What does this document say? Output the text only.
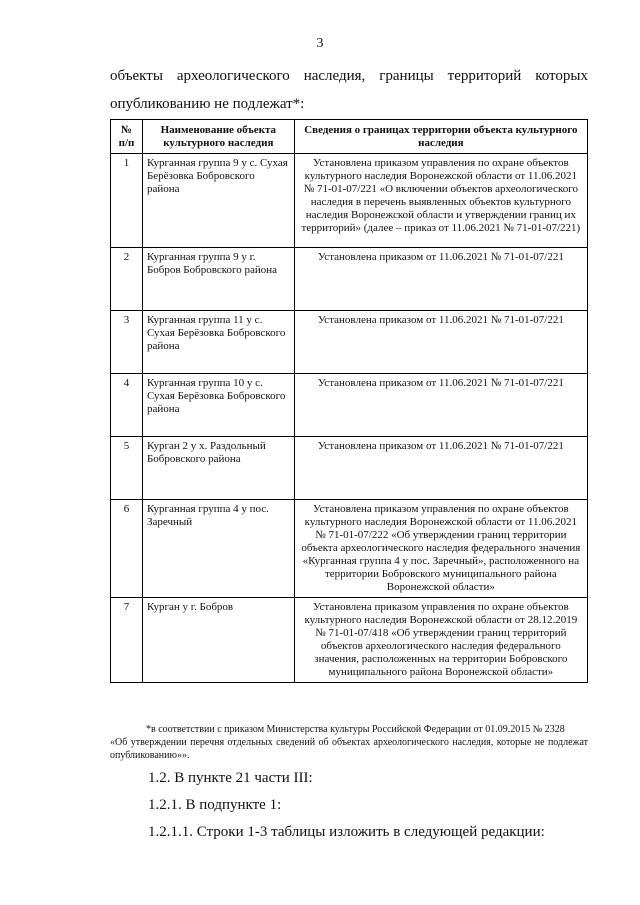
3
объекты археологического наследия, границы территорий которых
опубликованию не подлежат*:
№ п/п	Наименование объекта культурного наследия	Сведения о границах территории объекта культурного наследия
1	Курганная группа 9 у с. Сухая Берёзовка Бобровского района	Установлена приказом управления по охране объектов культурного наследия Воронежской области от 11.06.2021 № 71-01-07/221 «О включении объектов археологического наследия в перечень выявленных объектов культурного наследия Воронежской области и утверждении границ их территорий» (далее – приказ от 11.06.2021 № 71-01-07/221)
2	Курганная группа 9 у г. Бобров Бобровского района	Установлена приказом от 11.06.2021 № 71-01-07/221
3	Курганная группа 11 у с. Сухая Берёзовка Бобровского района	Установлена приказом от 11.06.2021 № 71-01-07/221
4	Курганная группа 10 у с. Сухая Берёзовка Бобровского района	Установлена приказом от 11.06.2021 № 71-01-07/221
5	Курган 2 у х. Раздольный Бобровского района	Установлена приказом от 11.06.2021 № 71-01-07/221
6	Курганная группа 4 у пос. Заречный	Установлена приказом управления по охране объектов культурного наследия Воронежской области от 11.06.2021 № 71-01-07/222 «Об утверждении границ территории объекта археологического наследия федерального значения «Курганная группа 4 у пос. Заречный», расположенного на территории Бобровского муниципального района Воронежской области»
7	Курган у г. Бобров	Установлена приказом управления по охране объектов культурного наследия Воронежской области от 28.12.2019 № 71-01-07/418 «Об утверждении границ территорий объектов археологического наследия федерального значения, расположенных на территории Бобровского муниципального района Воронежской области»
*в соответствии с приказом Министерства культуры Российской Федерации от 01.09.2015 № 2328
«Об утверждении перечня отдельных сведений об объектах археологического наследия, которые не подлежат опубликованию»».
1.2. В пункте 21 части III:
1.2.1. В подпункте 1:
1.2.1.1. Строки 1-3 таблицы изложить в следующей редакции:
